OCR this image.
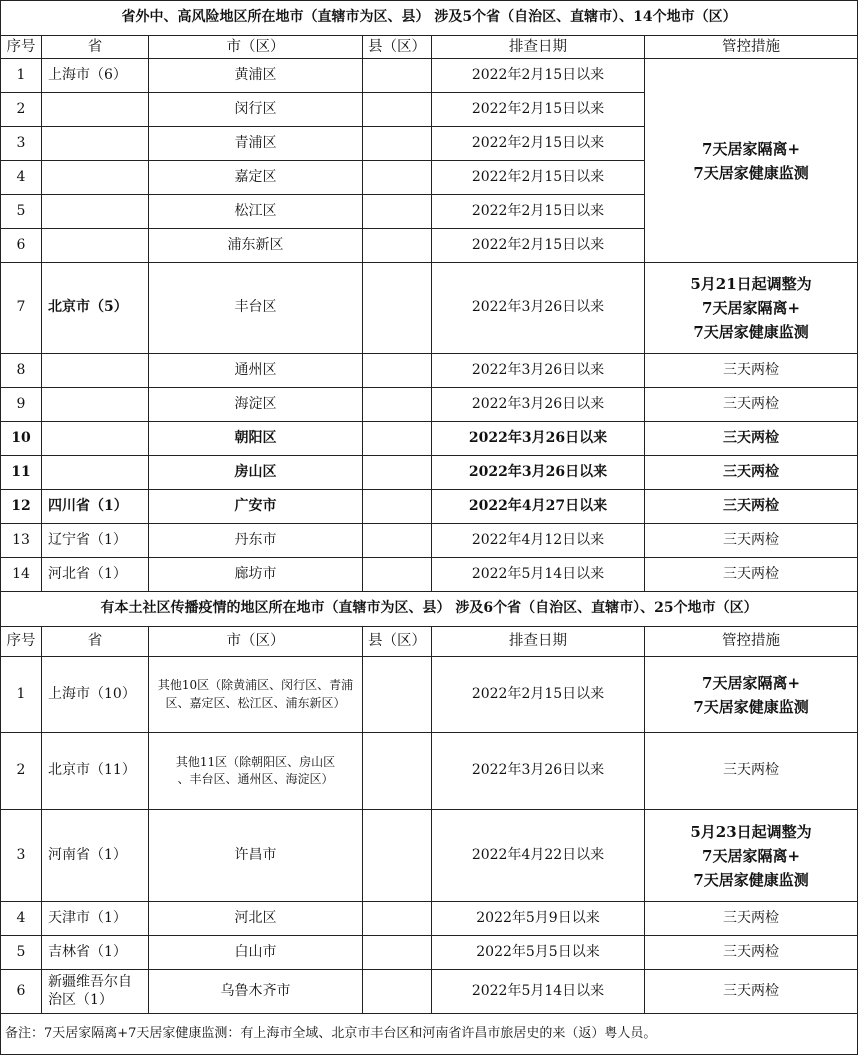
省外中、高风险地区所在地市（直辖市为区、县） 涉及5个省（自治区、直辖市）、14个地市（区）					
序号	省	市（区）	县（区）	排查日期	管控措施
1	上海市（6）	黄浦区		2022年2月15日以来	7天居家隔离+
7天居家健康监测

2		闵行区		2022年2月15日以来	
3		青浦区		2022年2月15日以来	
4		嘉定区		2022年2月15日以来	
5		松江区		2022年2月15日以来	
6		浦东新区		2022年2月15日以来	
7	北京市（5）	丰台区		2022年3月26日以来	5月21日起调整为
7天居家隔离+
7天居家健康监测

8		通州区		2022年3月26日以来	三天两检
9		海淀区		2022年3月26日以来	三天两检
10		朝阳区		2022年3月26日以来	三天两检
11		房山区		2022年3月26日以来	三天两检
12	四川省（1）	广安市		2022年4月27日以来	三天两检
13	辽宁省（1）	丹东市		2022年4月12日以来	三天两检
14	河北省（1）	廊坊市		2022年5月14日以来	三天两检
有本土社区传播疫情的地区所在地市（直辖市为区、县） 涉及6个省（自治区、直辖市）、25个地市（区）					
序号	省	市（区）	县（区）	排查日期	管控措施
1	上海市（10）	其他10区（除黄浦区、闵行区、青浦
区、嘉定区、松江区、浦东新区）		2022年2月15日以来	7天居家隔离+
7天居家健康监测

2	北京市（11）	其他11区（除朝阳区、房山区
、丰台区、通州区、海淀区）		2022年3月26日以来	三天两检
3	河南省（1）	许昌市		2022年4月22日以来	5月23日起调整为
7天居家隔离+
7天居家健康监测

4	天津市（1）	河北区		2022年5月9日以来	三天两检
5	吉林省（1）	白山市		2022年5月5日以来	三天两检
6	新疆维吾尔自
治区（1）	乌鲁木齐市		2022年5月14日以来	三天两检
备注：7天居家隔离+7天居家健康监测：有上海市全域、北京市丰台区和河南省许昌市旅居史的来（返）粤人员。					
